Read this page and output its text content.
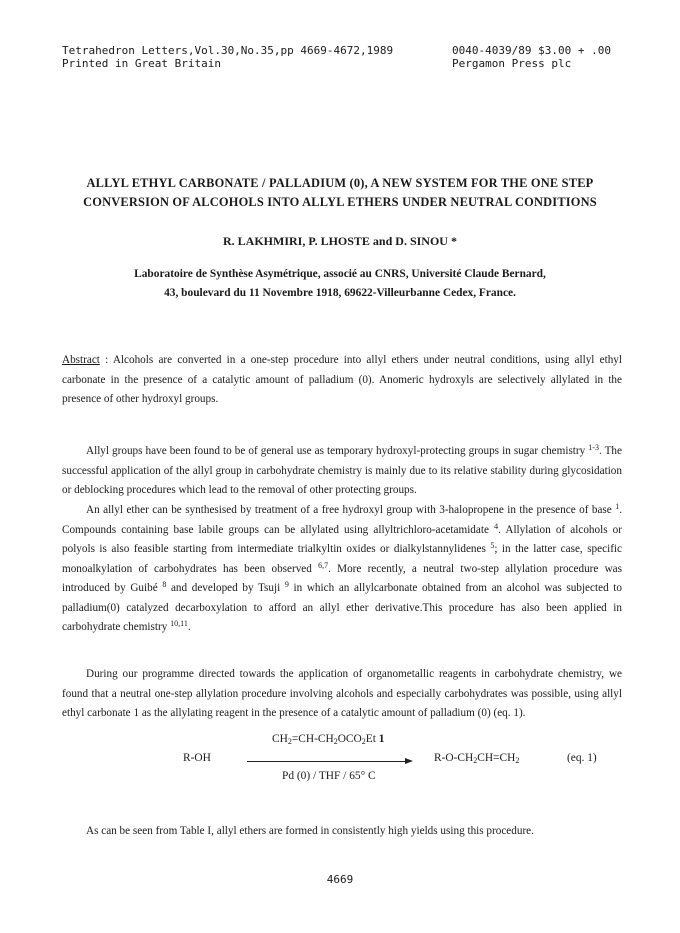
Tetrahedron Letters,Vol.30,No.35,pp 4669-4672,1989
Printed in Great Britain
0040-4039/89 $3.00 + .00
Pergamon Press plc
ALLYL ETHYL CARBONATE / PALLADIUM (0), A NEW SYSTEM FOR THE ONE STEP
CONVERSION OF ALCOHOLS INTO ALLYL ETHERS UNDER NEUTRAL CONDITIONS
R. LAKHMIRI, P. LHOSTE and D. SINOU *
Laboratoire de Synthèse Asymétrique, associé au CNRS, Université Claude Bernard,
43, boulevard du 11 Novembre 1918, 69622-Villeurbanne Cedex, France.
Abstract : Alcohols are converted in a one-step procedure into allyl ethers under neutral conditions, using allyl ethyl carbonate in the presence of a catalytic amount of palladium (0). Anomeric hydroxyls are selectively allylated in the presence of other hydroxyl groups.
Allyl groups have been found to be of general use as temporary hydroxyl-protecting groups in sugar chemistry $^{1-3}$. The successful application of the allyl group in carbohydrate chemistry is mainly due to its relative stability during glycosidation or deblocking procedures which lead to the removal of other protecting groups.
An allyl ether can be synthesised by treatment of a free hydroxyl group with 3-halopropene in the presence of base $^1$. Compounds containing base labile groups can be allylated using allyltrichloro-acetamidate $^4$. Allylation of alcohols or polyols is also feasible starting from intermediate trialkyltin oxides or dialkylstannylidenes $^5$; in the latter case, specific monoalkylation of carbohydrates has been observed $^{6,7}$. More recently, a neutral two-step allylation procedure was introduced by Guibé $^8$ and developed by Tsuji $^9$ in which an allylcarbonate obtained from an alcohol was subjected to palladium(0) catalyzed decarboxylation to afford an allyl ether derivative.This procedure has also been applied in carbohydrate chemistry $^{10,11}$.
During our programme directed towards the application of organometallic reagents in carbohydrate chemistry, we found that a neutral one-step allylation procedure involving alcohols and especially carbohydrates was possible, using allyl ethyl carbonate 1 as the allylating reagent in the presence of a catalytic amount of palladium (0) (eq. 1).
R-OH
$CH_2=CH-CH_2OCO_2Et$ 1
Pd (0) / THF / 65° C
$R-O-CH_2CH=CH_2$	(eq. 1)
As can be seen from Table I, allyl ethers are formed in consistently high yields using this procedure.
4669
